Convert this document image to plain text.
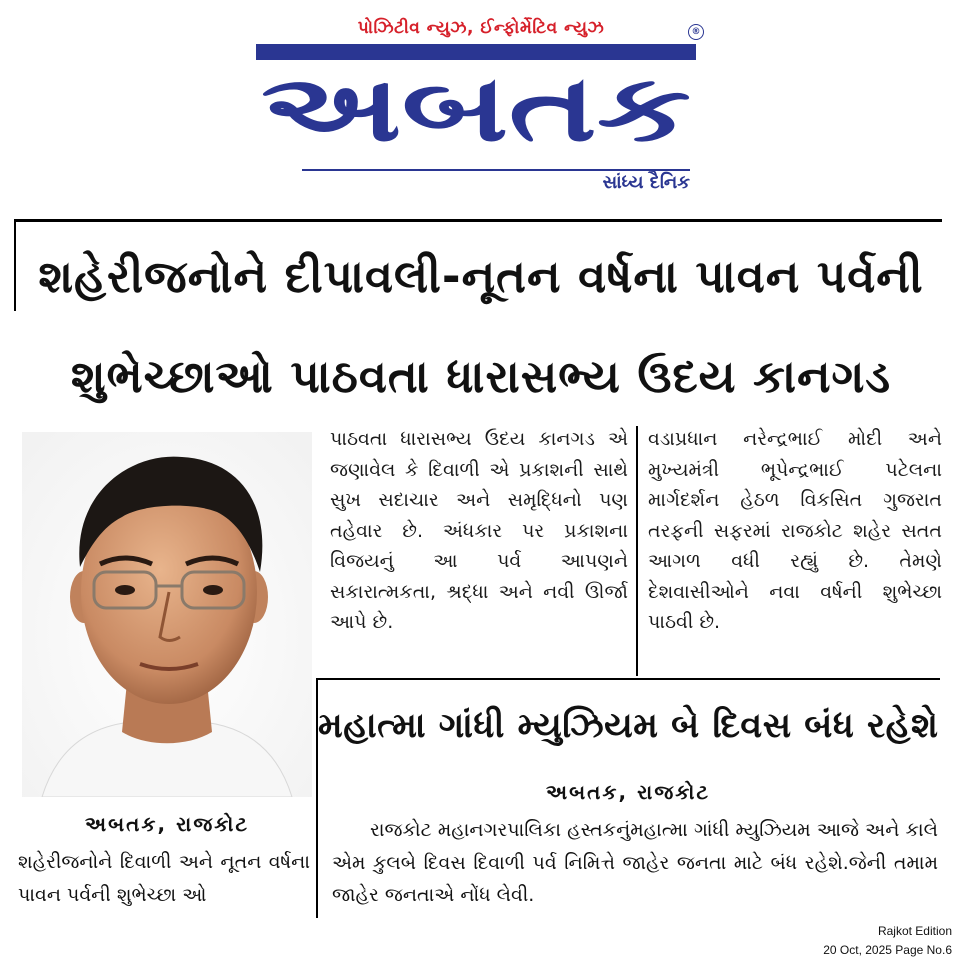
પોઝિટીવ ન્યુઝ, ઈન્ફોર્મેટિવ ન્યુઝ
અબતક
®
સાંધ્ય દૈનિક
શહેરીજનોને દીપાવલી-નૂતન વર્ષના પાવન પર્વની
શુભેચ્છાઓ પાઠવતા ધારાસભ્ય ઉદય કાનગડ
અબતક, રાજકોટ
શહેરીજનોને દિવાળી અને નૂતન વર્ષના પાવન પર્વની શુભેચ્છા ઓ

પાઠવતા ધારાસભ્ય ઉદય કાનગડ એ જણાવેલ કે દિવાળી એ પ્રકાશની સાથે સુખ સદાચાર અને સમૃદ્ધિનો પણ તહેવાર છે. અંધકાર પર પ્રકાશના વિજયનું આ પર્વ આપણને સકારાત્મકતા, શ્રદ્ધા અને નવી ઊર્જા આપે છે.

વડાપ્રધાન નરેન્દ્રભાઈ મોદી અને મુખ્યમંત્રી ભૂપેન્દ્રભાઈ પટેલના માર્ગદર્શન હેઠળ વિકસિત ગુજરાત તરફની સફરમાં રાજકોટ શહેર સતત આગળ વધી રહ્યું છે. તેમણે દેશવાસીઓને નવા વર્ષની શુભેચ્છા પાઠવી છે.

મહાત્મા ગાંધી મ્યુઝિયમ બે દિવસ બંધ રહેશે
અબતક, રાજકોટ
રાજકોટ મહાનગરપાલિકા હસ્તકનુંમહાત્મા ગાંધી મ્યુઝિયમ આજે અને કાલે એમ કુલબે દિવસ દિવાળી પર્વ નિમિત્તે જાહેર જનતા માટે બંધ રહેશે.જેની તમામ જાહેર જનતાએ નોંધ લેવી.
Rajkot Edition
20 Oct, 2025 Page No.6
